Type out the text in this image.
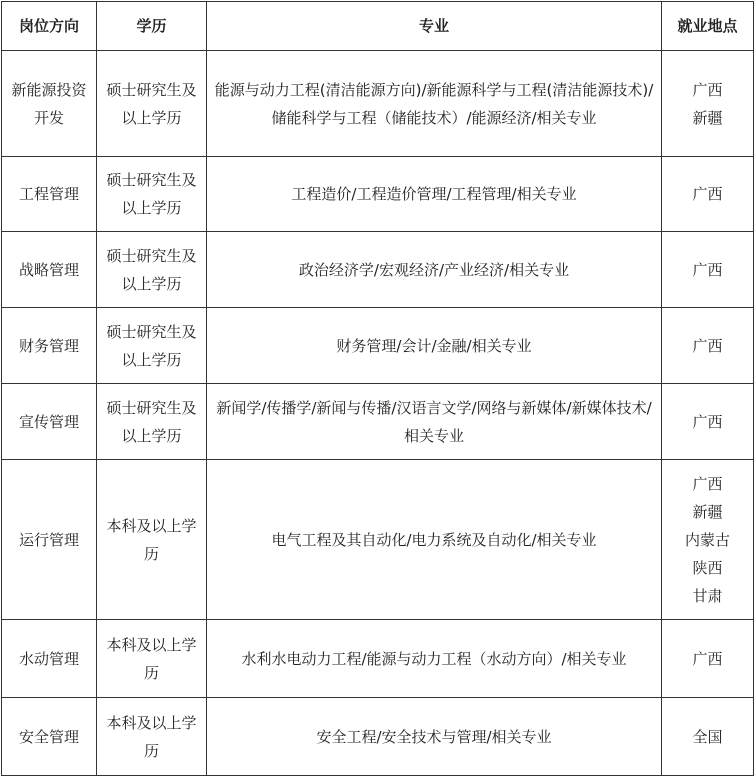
岗位方向	学历	专业	就业地点
新能源投资开发	硕士研究生及以上学历	能源与动力工程(清洁能源方向)/新能源科学与工程(清洁能源技术)/储能科学与工程（储能技术）/能源经济/相关专业	广西
新疆

工程管理	硕士研究生及以上学历	工程造价/工程造价管理/工程管理/相关专业	广西

战略管理	硕士研究生及以上学历	政治经济学/宏观经济/产业经济/相关专业	广西

财务管理	硕士研究生及以上学历	财务管理/会计/金融/相关专业	广西

宣传管理	硕士研究生及以上学历	新闻学/传播学/新闻与传播/汉语言文学/网络与新媒体/新媒体技术/相关专业	广西

运行管理	本科及以上学历	电气工程及其自动化/电力系统及自动化/相关专业	广西
新疆
内蒙古
陕西
甘肃

水动管理	本科及以上学历	水利水电动力工程/能源与动力工程（水动方向）/相关专业	广西

安全管理	本科及以上学历	安全工程/安全技术与管理/相关专业	全国
